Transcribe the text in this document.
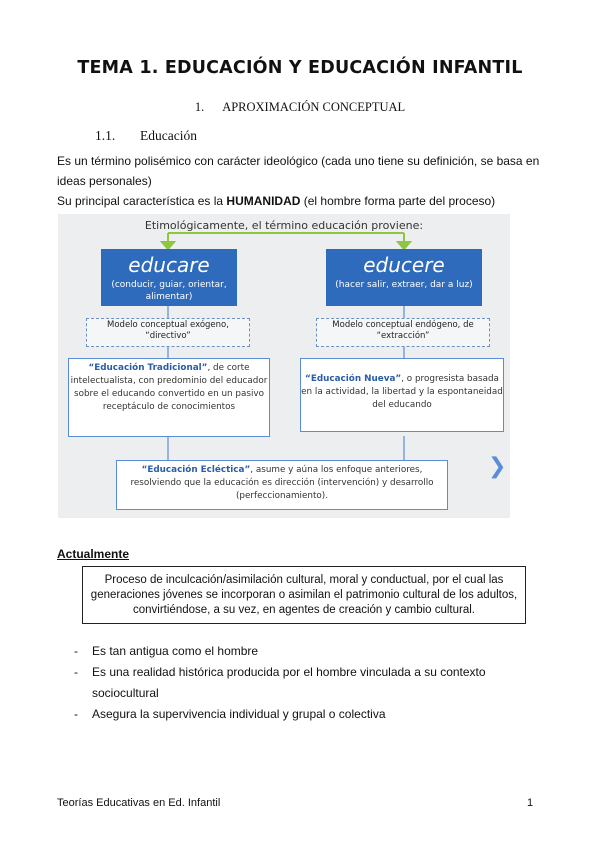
TEMA 1. EDUCACIÓN Y EDUCACIÓN INFANTIL
1. APROXIMACIÓN CONCEPTUAL
1.1. Educación
Es un término polisémico con carácter ideológico (cada uno tiene su definición, se basa en ideas personales)
Su principal característica es la HUMANIDAD (el hombre forma parte del proceso)
Etimológicamente, el término educación proviene:
educare
(conducir, guiar, orientar, alimentar)
educere
(hacer salir, extraer, dar a luz)
Modelo conceptual exógeno, “directivo”
Modelo conceptual endógeno, de “extracción”
“Educación Tradicional”, de corte intelectualista, con predominio del educador sobre el educando convertido en un pasivo receptáculo de conocimientos
“Educación Nueva”, o progresista basada en la actividad, la libertad y la espontaneidad del educando
“Educación Ecléctica”, asume y aúna los enfoque anteriores, resolviendo que la educación es dirección (intervención) y desarrollo (perfeccionamiento).
❯
Actualmente
Proceso de inculcación/asimilación cultural, moral y conductual, por el cual las generaciones jóvenes se incorporan o asimilan el patrimonio cultural de los adultos, convirtiéndose, a su vez, en agentes de creación y cambio cultural.
- Es tan antigua como el hombre
- Es una realidad histórica producida por el hombre vinculada a su contexto sociocultural
- Asegura la supervivencia individual y grupal o colectiva
Teorías Educativas en Ed. Infantil	1
